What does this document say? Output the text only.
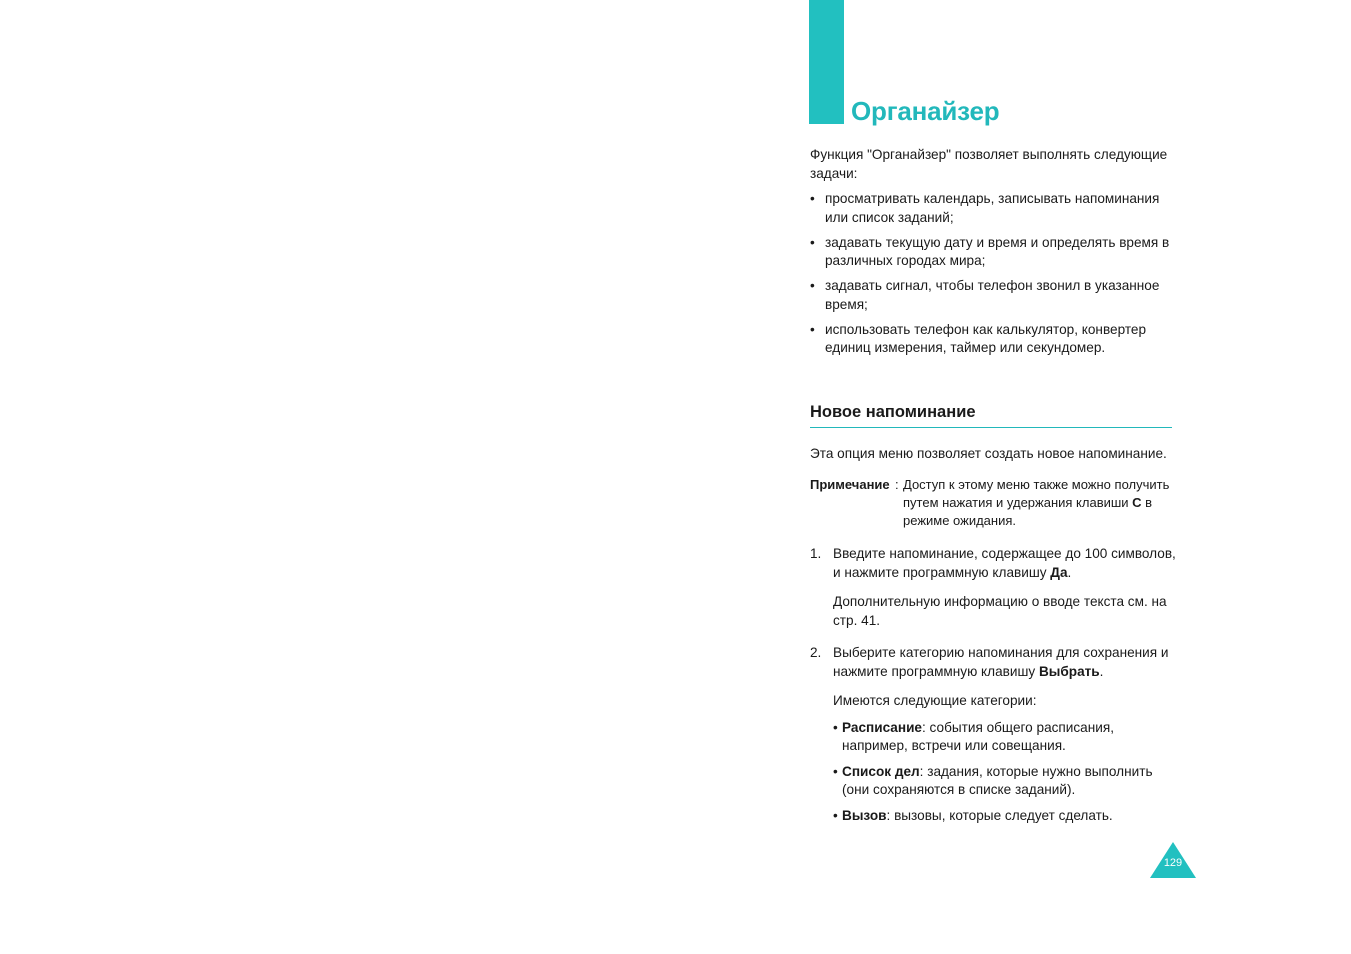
Органайзер
Функция "Органайзер" позволяет выполнять следующие задачи:
• просматривать календарь, записывать напоминания или список заданий;
• задавать текущую дату и время и определять время в различных городах мира;
• задавать сигнал, чтобы телефон звонил в указанное время;
• использовать телефон как калькулятор, конвертер единиц измерения, таймер или секундомер.
Новое напоминание
Эта опция меню позволяет создать новое напоминание.
Примечание : Доступ к этому меню также можно получить путем нажатия и удержания клавиши C в режиме ожидания.
1. Введите напоминание, содержащее до 100 символов, и нажмите программную клавишу Да.
Дополнительную информацию о вводе текста см. на стр. 41.
2. Выберите категорию напоминания для сохранения и нажмите программную клавишу Выбрать.
Имеются следующие категории:
• Расписание: события общего расписания, например, встречи или совещания.
• Список дел: задания, которые нужно выполнить (они сохраняются в списке заданий).
• Вызов: вызовы, которые следует сделать.
129
